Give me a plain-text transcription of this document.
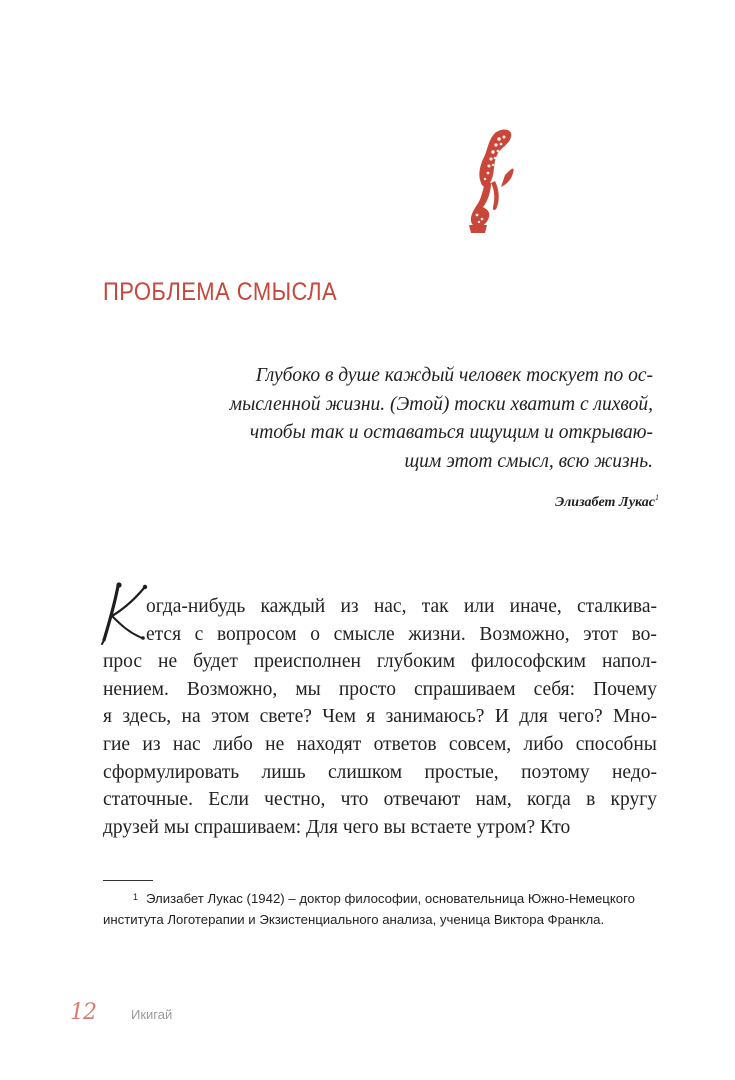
ПРОБЛЕМА СМЫСЛА
Глубоко в душе каждый человек тоскует по ос-
мысленной жизни. (Этой) тоски хватит с лихвой,
чтобы так и оставаться ищущим и открываю-
щим этот смысл, всю жизнь.
Элизабет Лукас$^1$
огда-нибудь каждый из нас, так или иначе, сталкива-
ется с вопросом о смысле жизни. Возможно, этот во-
прос не будет преисполнен глубоким философским напол-
нением. Возможно, мы просто спрашиваем себя: Почему
я здесь, на этом свете? Чем я занимаюсь? И для чего? Мно-
гие из нас либо не находят ответов совсем, либо способны
сформулировать лишь слишком простые, поэтому недо-
статочные. Если честно, что отвечают нам, когда в кругу
друзей мы спрашиваем: Для чего вы встаете утром? Кто
$^1$ Элизабет Лукас (1942) – доктор философии, основательница Южно-Немецкого
института Логотерапии и Экзистенциального анализа, ученица Виктора Франкла.
12	Икигай
